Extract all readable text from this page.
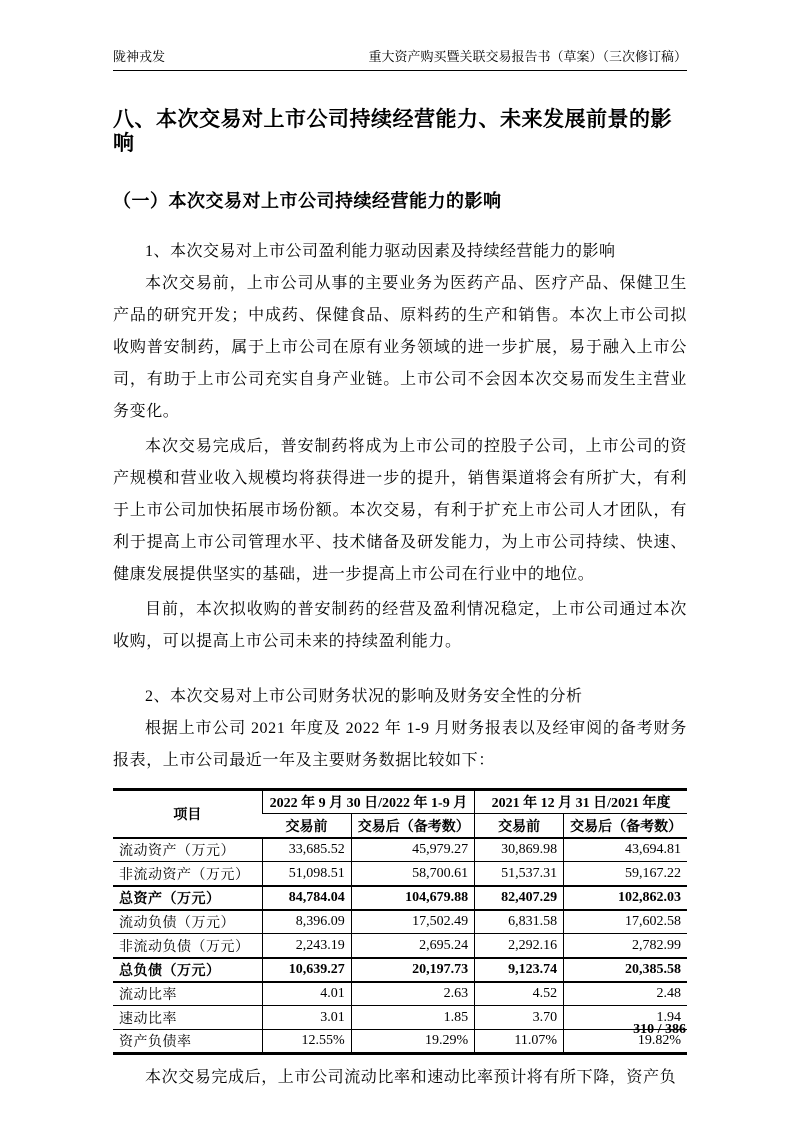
陇神戎发	重大资产购买暨关联交易报告书（草案）（三次修订稿）
八、本次交易对上市公司持续经营能力、未来发展前景的影响
（一）本次交易对上市公司持续经营能力的影响

1、本次交易对上市公司盈利能力驱动因素及持续经营能力的影响

本次交易前，上市公司从事的主要业务为医药产品、医疗产品、保健卫生产品的研究开发；中成药、保健食品、原料药的生产和销售。本次上市公司拟收购普安制药，属于上市公司在原有业务领域的进一步扩展，易于融入上市公司，有助于上市公司充实自身产业链。上市公司不会因本次交易而发生主营业务变化。

本次交易完成后，普安制药将成为上市公司的控股子公司，上市公司的资产规模和营业收入规模均将获得进一步的提升，销售渠道将会有所扩大，有利于上市公司加快拓展市场份额。本次交易，有利于扩充上市公司人才团队，有利于提高上市公司管理水平、技术储备及研发能力，为上市公司持续、快速、健康发展提供坚实的基础，进一步提高上市公司在行业中的地位。

目前，本次拟收购的普安制药的经营及盈利情况稳定，上市公司通过本次收购，可以提高上市公司未来的持续盈利能力。

2、本次交易对上市公司财务状况的影响及财务安全性的分析

根据上市公司 2021 年度及 2022 年 1-9 月财务报表以及经审阅的备考财务报表，上市公司最近一年及主要财务数据比较如下：

项目	2022 年 9 月 30 日/2022 年 1-9 月		2021 年 12 月 31 日/2021 年度	
	交易前	交易后（备考数）	交易前	交易后（备考数）
流动资产（万元）	33,685.52	45,979.27	30,869.98	43,694.81
非流动资产（万元）	51,098.51	58,700.61	51,537.31	59,167.22
总资产（万元）	84,784.04	104,679.88	82,407.29	102,862.03
流动负债（万元）	8,396.09	17,502.49	6,831.58	17,602.58
非流动负债（万元）	2,243.19	2,695.24	2,292.16	2,782.99
总负债（万元）	10,639.27	20,197.73	9,123.74	20,385.58
流动比率	4.01	2.63	4.52	2.48
速动比率	3.01	1.85	3.70	1.94
资产负债率	12.55%	19.29%	11.07%	19.82%

本次交易完成后，上市公司流动比率和速动比率预计将有所下降，资产负

310 / 386
